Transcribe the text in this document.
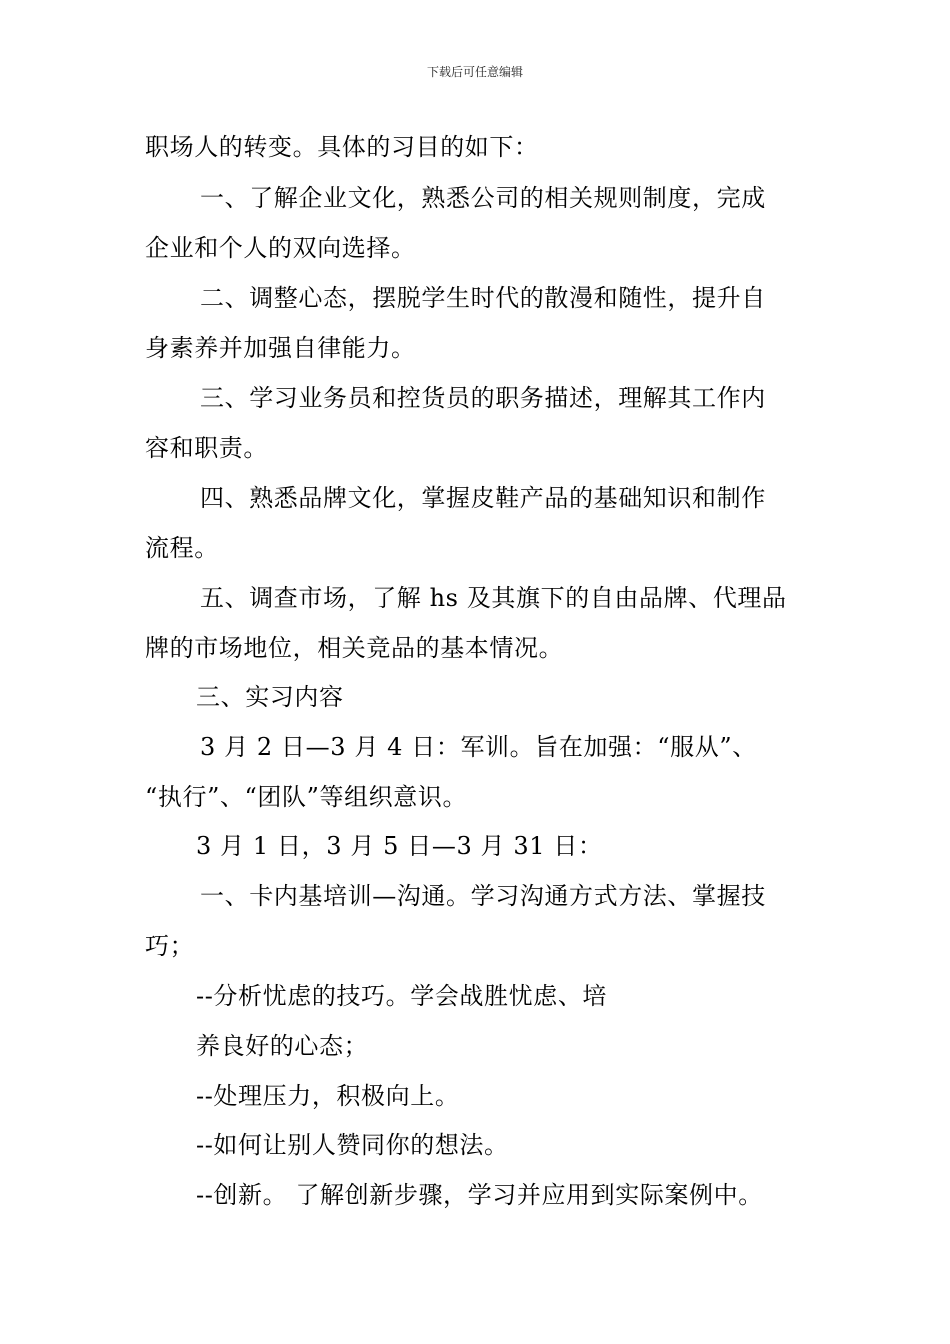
下载后可任意编辑
职场人的转变。具体的习目的如下：
一、了解企业文化，熟悉公司的相关规则制度，完成
企业和个人的双向选择。
二、调整心态，摆脱学生时代的散漫和随性，提升自
身素养并加强自律能力。
三、学习业务员和控货员的职务描述，理解其工作内
容和职责。
四、熟悉品牌文化，掌握皮鞋产品的基础知识和制作
流程。
五、调查市场，了解 hs 及其旗下的自由品牌、代理品
牌的市场地位，相关竞品的基本情况。
三、实习内容
3 月 2 日—3 月 4 日：军训。旨在加强：“服从”、
“执行”、“团队”等组织意识。
3 月 1 日，3 月 5 日—3 月 31 日：
一、卡内基培训—沟通。学习沟通方式方法、掌握技
巧；
--分析忧虑的技巧。学会战胜忧虑、培
养良好的心态；
--处理压力，积极向上。
--如何让别人赞同你的想法。
--创新。 了解创新步骤，学习并应用到实际案例中。
